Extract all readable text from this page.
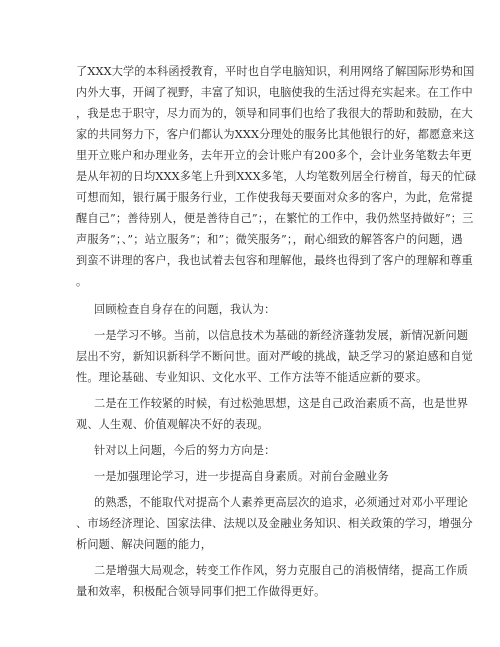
了XXX大学的本科函授教育，平时也自学电脑知识，利用网络了解国际形势和国
内外大事，开阔了视野，丰富了知识，电脑使我的生活过得充实起来。在工作中
，我是忠于职守，尽力而为的，领导和同事们也给了我很大的帮助和鼓励，在大
家的共同努力下，客户们都认为XXX分理处的服务比其他银行的好，都愿意来这
里开立账户和办理业务，去年开立的会计账户有200多个，会计业务笔数去年更
是从年初的日均XXX多笔上升到XXX多笔，人均笔数列居全行榜首，每天的忙碌
可想而知，银行属于服务行业，工作使我每天要面对众多的客户，为此，危常提
醒自己”；善待别人，便是善待自己”；，在繁忙的工作中，我仍然坚持做好”；三
声服务”；、”；站立服务”；和”；微笑服务”；，耐心细致的解答客户的问题，遇
到蛮不讲理的客户，我也试着去包容和理解他，最终也得到了客户的理解和尊重
。
回顾检查自身存在的问题，我认为：
一是学习不够。当前，以信息技术为基础的新经济蓬勃发展，新情况新问题
层出不穷，新知识新科学不断问世。面对严峻的挑战，缺乏学习的紧迫感和自觉
性。理论基础、专业知识、文化水平、工作方法等不能适应新的要求。
二是在工作较紧的时候，有过松弛思想，这是自己政治素质不高，也是世界
观、人生观、价值观解决不好的表现。
针对以上问题，今后的努力方向是：
一是加强理论学习，进一步提高自身素质。对前台金融业务
的熟悉，不能取代对提高个人素养更高层次的追求，必须通过对邓小平理论
、市场经济理论、国家法律、法规以及金融业务知识、相关政策的学习，增强分
析问题、解决问题的能力，
二是增强大局观念，转变工作作风，努力克服自己的消极情绪，提高工作质
量和效率，积极配合领导同事们把工作做得更好。
